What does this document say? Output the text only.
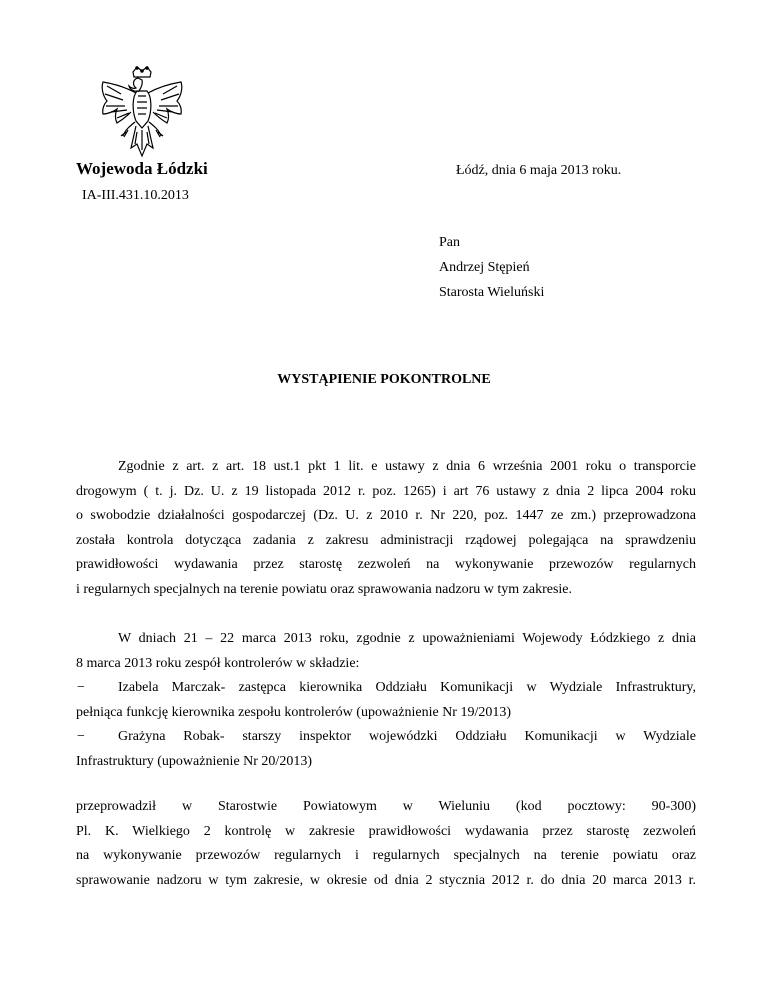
Wojewoda Łódzki	Łódź, dnia 6 maja 2013 roku.
IA-III.431.10.2013
Pan
Andrzej Stępień
Starosta Wieluński
WYSTĄPIENIE POKONTROLNE
Zgodnie z art. z art. 18 ust.1 pkt 1 lit. e ustawy z dnia 6 września 2001 roku o transporcie
drogowym ( t. j. Dz. U. z 19 listopada 2012 r. poz. 1265) i art 76 ustawy z dnia 2 lipca 2004 roku
o swobodzie działalności gospodarczej (Dz. U. z 2010 r. Nr 220, poz. 1447 ze zm.) przeprowadzona
została kontrola dotycząca zadania z zakresu administracji rządowej polegająca na sprawdzeniu
prawidłowości wydawania przez starostę zezwoleń na wykonywanie przewozów regularnych
i regularnych specjalnych na terenie powiatu oraz sprawowania nadzoru w tym zakresie.
W dniach 21 – 22 marca 2013 roku, zgodnie z upoważnieniami Wojewody Łódzkiego z dnia
8 marca 2013 roku zespół kontrolerów w składzie:
− Izabela Marczak- zastępca kierownika Oddziału Komunikacji w Wydziale Infrastruktury,
pełniąca funkcję kierownika zespołu kontrolerów (upoważnienie Nr 19/2013)
− Grażyna Robak- starszy inspektor wojewódzki Oddziału Komunikacji w Wydziale
Infrastruktury (upoważnienie Nr 20/2013)
przeprowadził w Starostwie Powiatowym w Wieluniu (kod pocztowy: 90-300)
Pl. K. Wielkiego 2 kontrolę w zakresie prawidłowości wydawania przez starostę zezwoleń
na wykonywanie przewozów regularnych i regularnych specjalnych na terenie powiatu oraz
sprawowanie nadzoru w tym zakresie, w okresie od dnia 2 stycznia 2012 r. do dnia 20 marca 2013 r.
